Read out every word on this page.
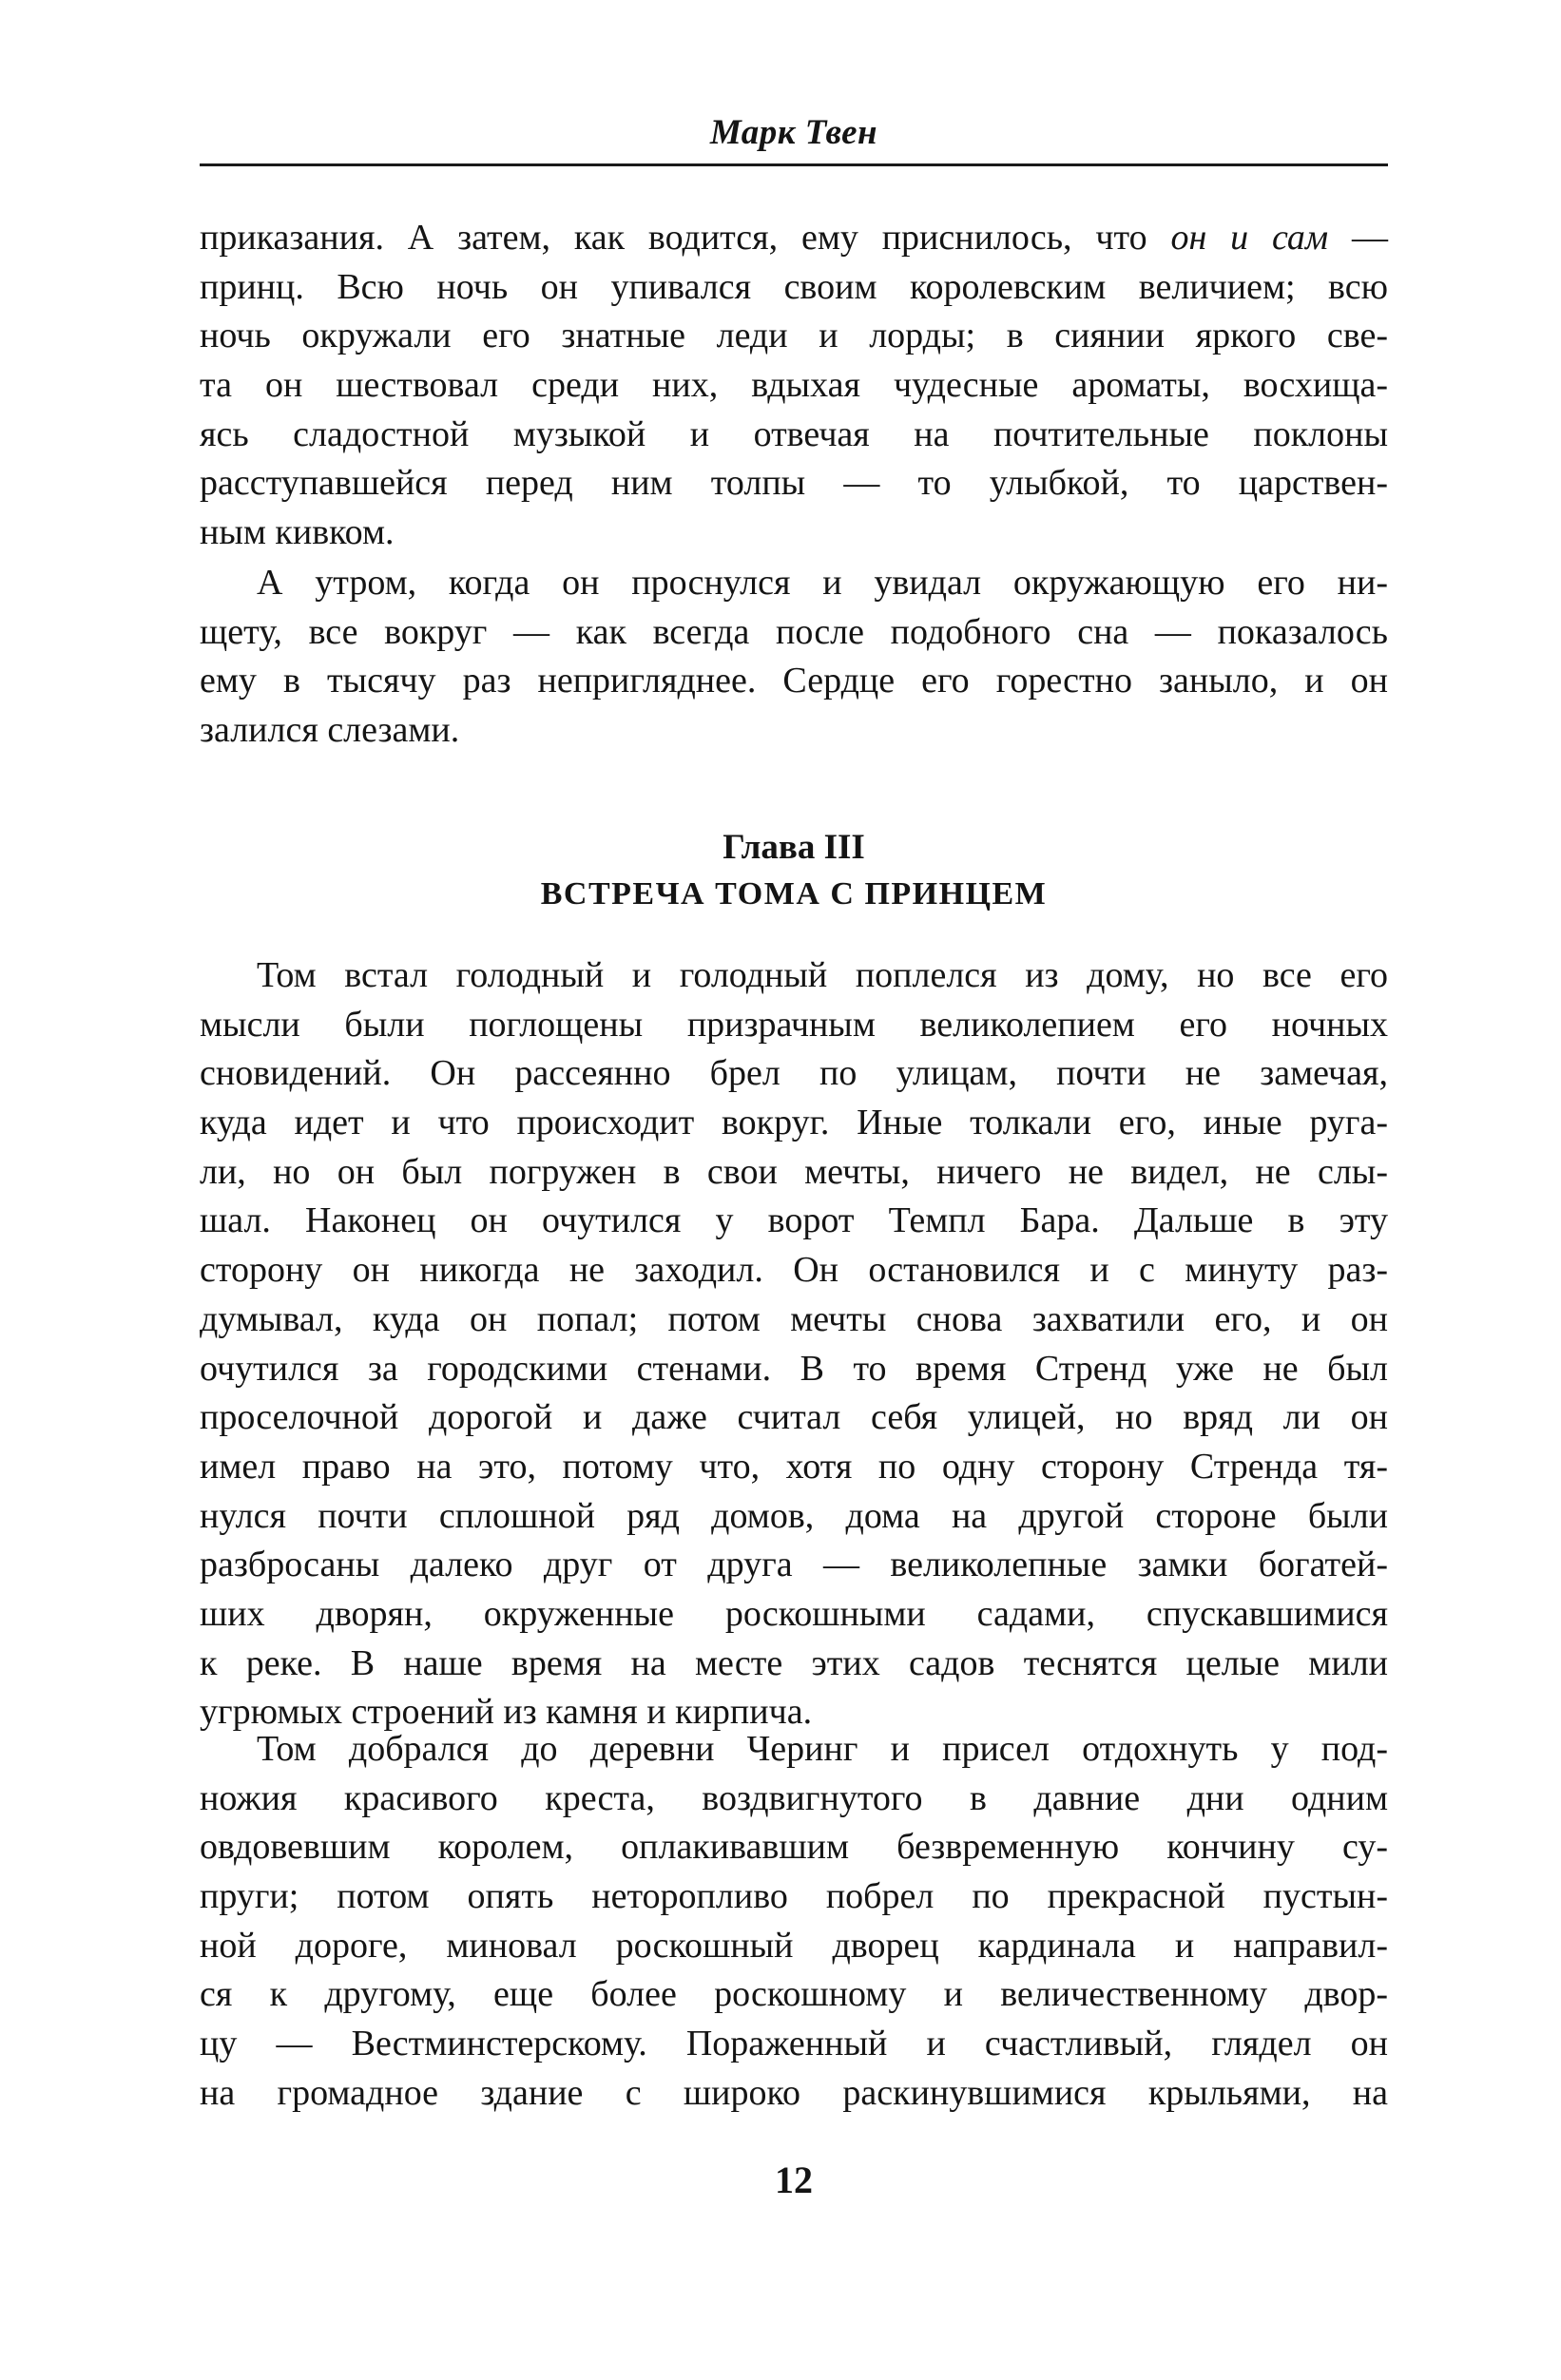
Марк Твен
приказания. А затем, как водится, ему приснилось, что он и сам —
принц. Всю ночь он упивался своим королевским величием; всю
ночь окружали его знатные леди и лорды; в сиянии яркого све-
та он шествовал среди них, вдыхая чудесные ароматы, восхища-
ясь сладостной музыкой и отвечая на почтительные поклоны
расступавшейся перед ним толпы — то улыбкой, то царствен-
ным кивком.
А утром, когда он проснулся и увидал окружающую его ни-
щету, все вокруг — как всегда после подобного сна — показалось
ему в тысячу раз непригляднее. Сердце его горестно заныло, и он
залился слезами.
Глава III
ВСТРЕЧА ТОМА С ПРИНЦЕМ
Том встал голодный и голодный поплелся из дому, но все его
мысли были поглощены призрачным великолепием его ночных
сновидений. Он рассеянно брел по улицам, почти не замечая,
куда идет и что происходит вокруг. Иные толкали его, иные руга-
ли, но он был погружен в свои мечты, ничего не видел, не слы-
шал. Наконец он очутился у ворот Темпл Бара. Дальше в эту
сторону он никогда не заходил. Он остановился и с минуту раз-
думывал, куда он попал; потом мечты снова захватили его, и он
очутился за городскими стенами. В то время Стренд уже не был
проселочной дорогой и даже считал себя улицей, но вряд ли он
имел право на это, потому что, хотя по одну сторону Стренда тя-
нулся почти сплошной ряд домов, дома на другой стороне были
разбросаны далеко друг от друга — великолепные замки богатей-
ших дворян, окруженные роскошными садами, спускавшимися
к реке. В наше время на месте этих садов теснятся целые мили
угрюмых строений из камня и кирпича.
Том добрался до деревни Черинг и присел отдохнуть у под-
ножия красивого креста, воздвигнутого в давние дни одним
овдовевшим королем, оплакивавшим безвременную кончину су-
пруги; потом опять неторопливо побрел по прекрасной пустын-
ной дороге, миновал роскошный дворец кардинала и направил-
ся к другому, еще более роскошному и величественному двор-
цу — Вестминстерскому. Пораженный и счастливый, глядел он
на громадное здание с широко раскинувшимися крыльями, на
12
